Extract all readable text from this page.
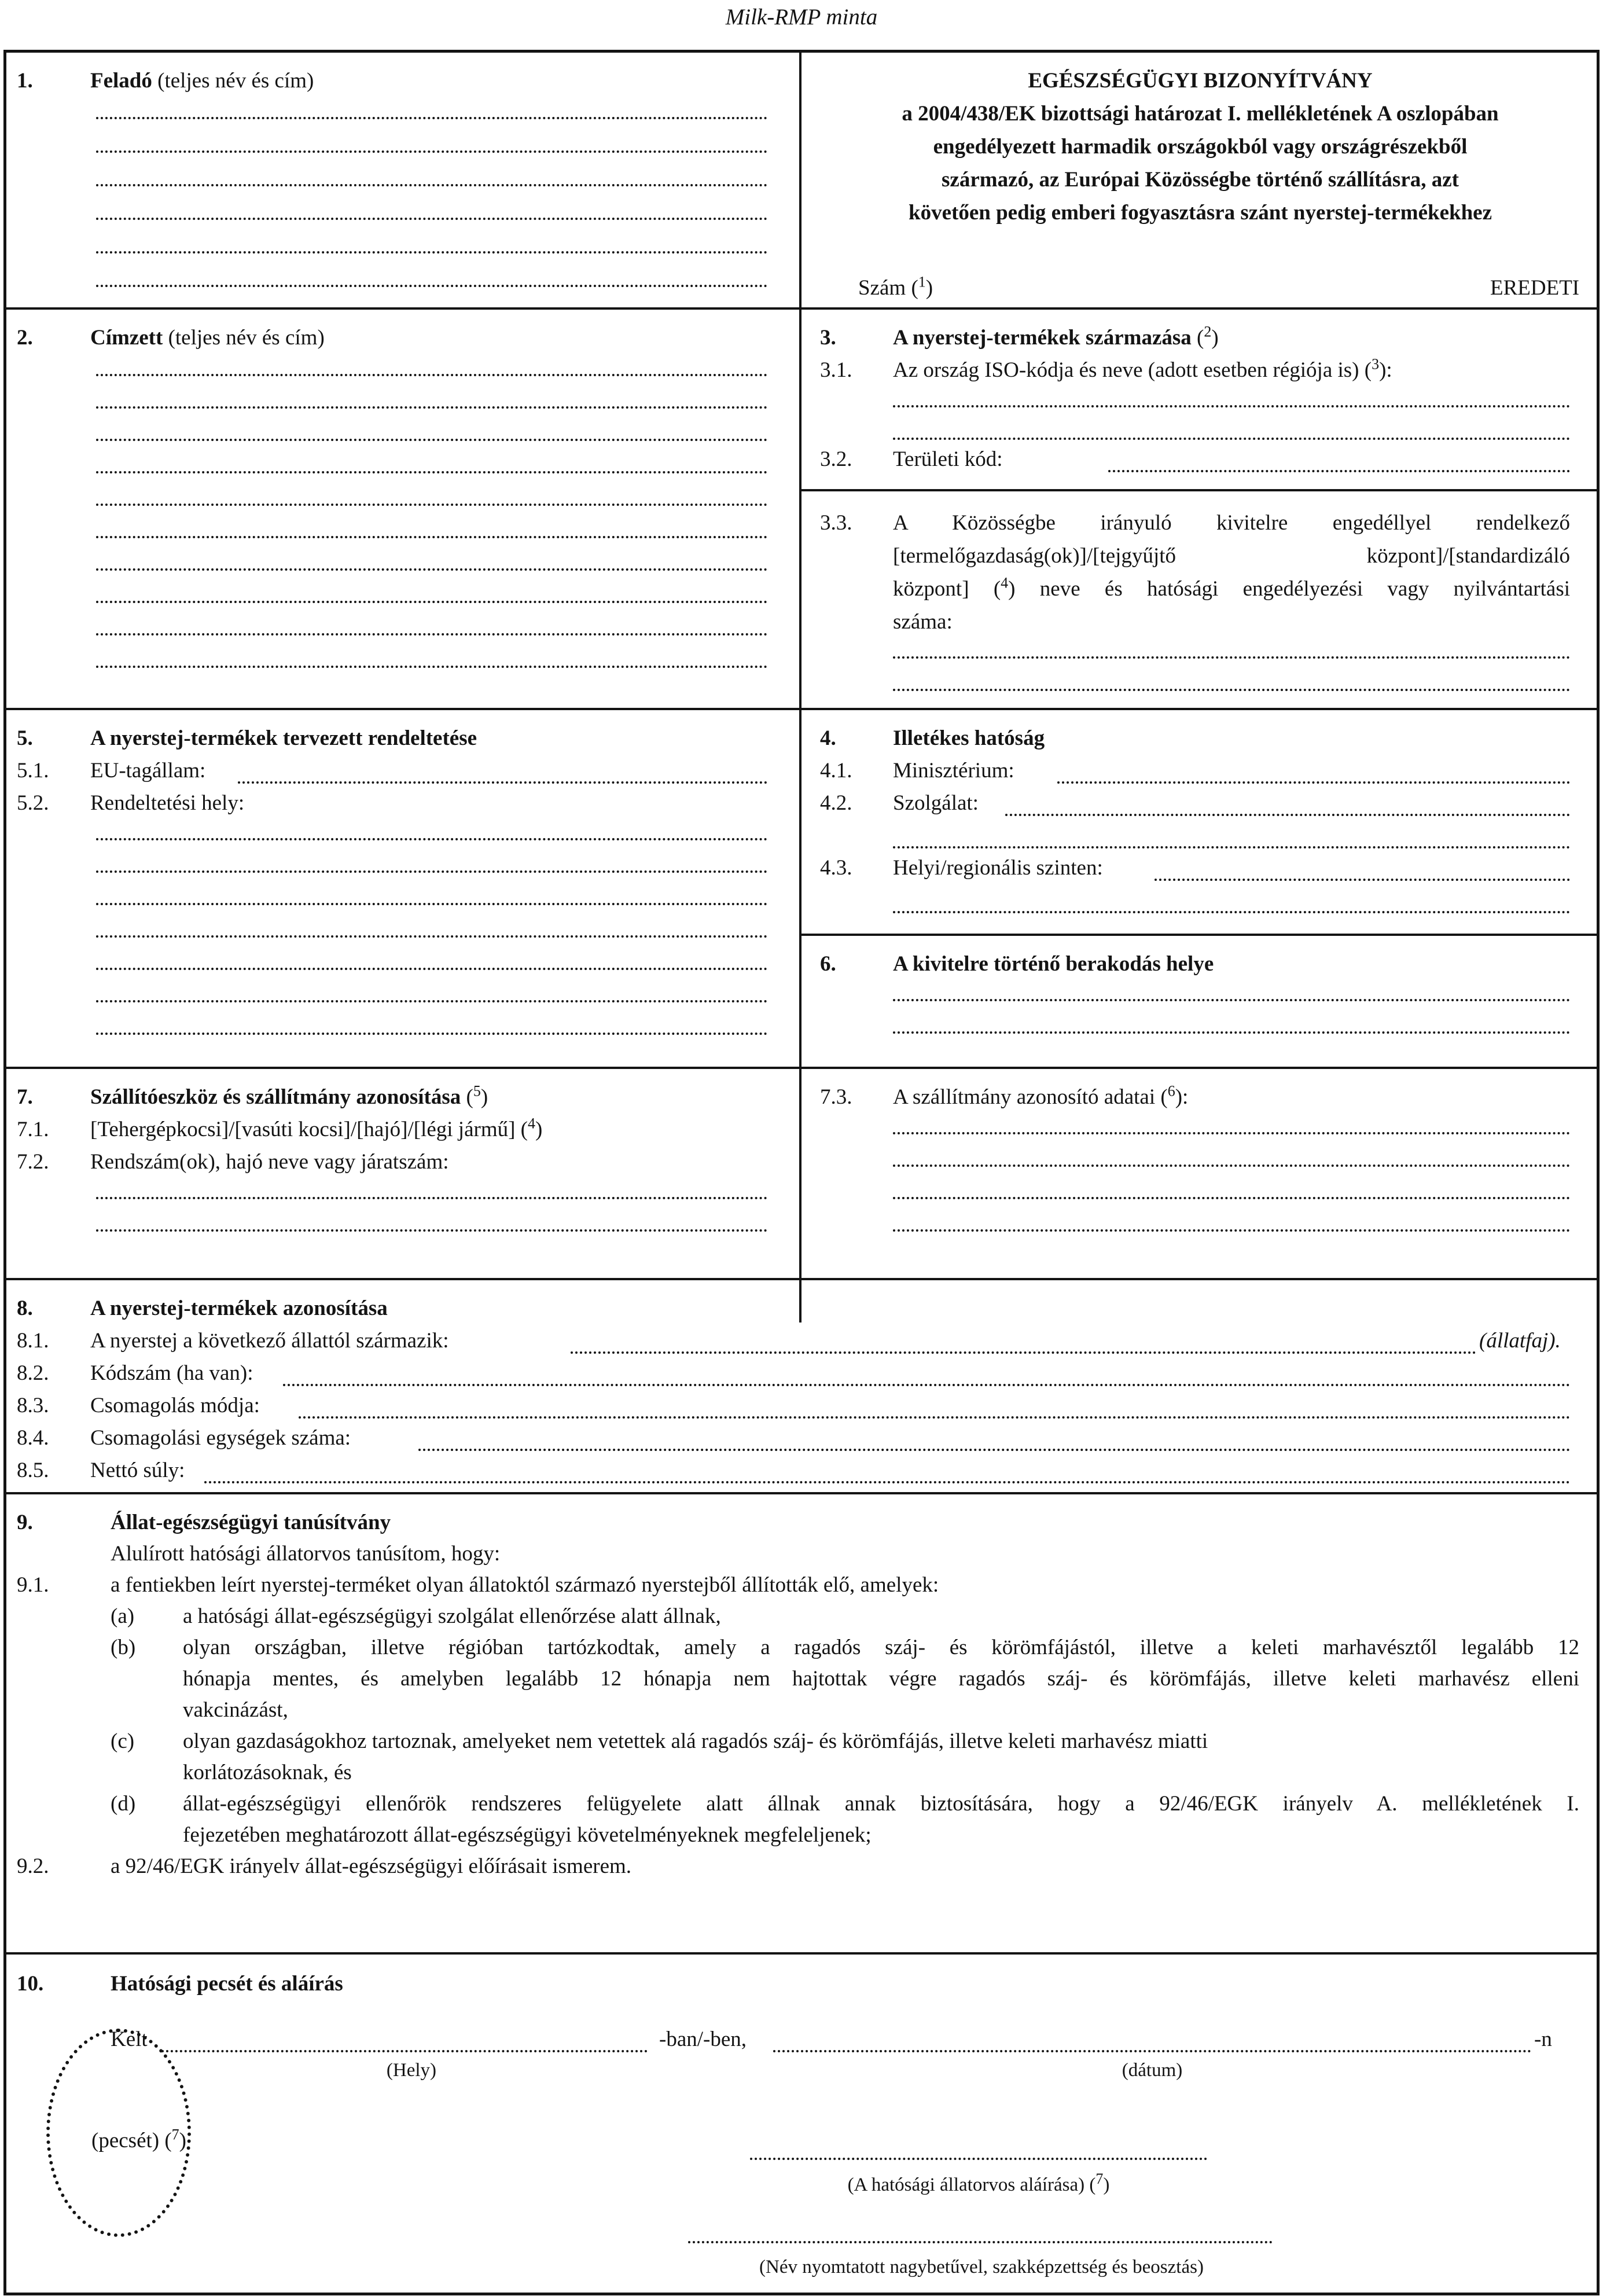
Milk-RMP minta
1.	Feladó (teljes név és cím)	EGÉSZSÉGÜGYI BIZONYÍTVÁNY
a 2004/438/EK bizottsági határozat I. mellékletének A oszlopában
engedélyezett harmadik országokból vagy országrészekből
származó, az Európai Közösségbe történő szállításra, azt
követően pedig emberi fogyasztásra szánt nyerstej-termékekhez
Szám ($^1$)	EREDETI
2.	Címzett (teljes név és cím)	3.	A nyerstej-termékek származása ($^2$)
3.1. Az ország ISO-kódja és neve (adott esetben régiója is) ($^3$):
3.2. Területi kód:
3.3. A Közösségbe irányuló kivitelre engedéllyel rendelkező
[termelőgazdaság(ok)]/[tejgyűjtő központ]/[standardizáló
központ] ($^4$) neve és hatósági engedélyezési vagy nyilvántartási
száma:
5.	A nyerstej-termékek tervezett rendeltetése
5.1. EU-tagállam:
5.2. Rendeltetési hely:
4.	Illetékes hatóság
4.1. Minisztérium:
4.2. Szolgálat:
4.3. Helyi/regionális szinten:
6.	A kivitelre történő berakodás helye
7.	Szállítóeszköz és szállítmány azonosítása ($^5$)
7.1. [Tehergépkocsi]/[vasúti kocsi]/[hajó]/[légi jármű] ($^4$)
7.2. Rendszám(ok), hajó neve vagy járatszám:
7.3. A szállítmány azonosító adatai ($^6$):
8.	A nyerstej-termékek azonosítása
8.1. A nyerstej a következő állattól származik:	(állatfaj).
8.2. Kódszám (ha van):
8.3. Csomagolás módja:
8.4. Csomagolási egységek száma:
8.5. Nettó súly:
9.	Állat-egészségügyi tanúsítvány
Alulírott hatósági állatorvos tanúsítom, hogy:
9.1.	a fentiekben leírt nyerstej-terméket olyan állatoktól származó nyerstejből állították elő, amelyek:
(a) a hatósági állat-egészségügyi szolgálat ellenőrzése alatt állnak,
(b) olyan országban, illetve régióban tartózkodtak, amely a ragadós száj- és körömfájástól, illetve a keleti marhavésztől legalább 12
hónapja mentes, és amelyben legalább 12 hónapja nem hajtottak végre ragadós száj- és körömfájás, illetve keleti marhavész elleni
vakcinázást,
(c) olyan gazdaságokhoz tartoznak, amelyeket nem vetettek alá ragadós száj- és körömfájás, illetve keleti marhavész miatti
korlátozásoknak, és
(d) állat-egészségügyi ellenőrök rendszeres felügyelete alatt állnak annak biztosítására, hogy a 92/46/EGK irányelv A. mellékletének I.
fejezetében meghatározott állat-egészségügyi követelményeknek megfeleljenek;
9.2.	a 92/46/EGK irányelv állat-egészségügyi előírásait ismerem.
10.	Hatósági pecsét és aláírás
Kelt	-ban/-ben,	-n
(Hely)	(dátum)
(A hatósági állatorvos aláírása) ($^7$)
(Név nyomtatott nagybetűvel, szakképzettség és beosztás)
(pecsét) ($^7$)
